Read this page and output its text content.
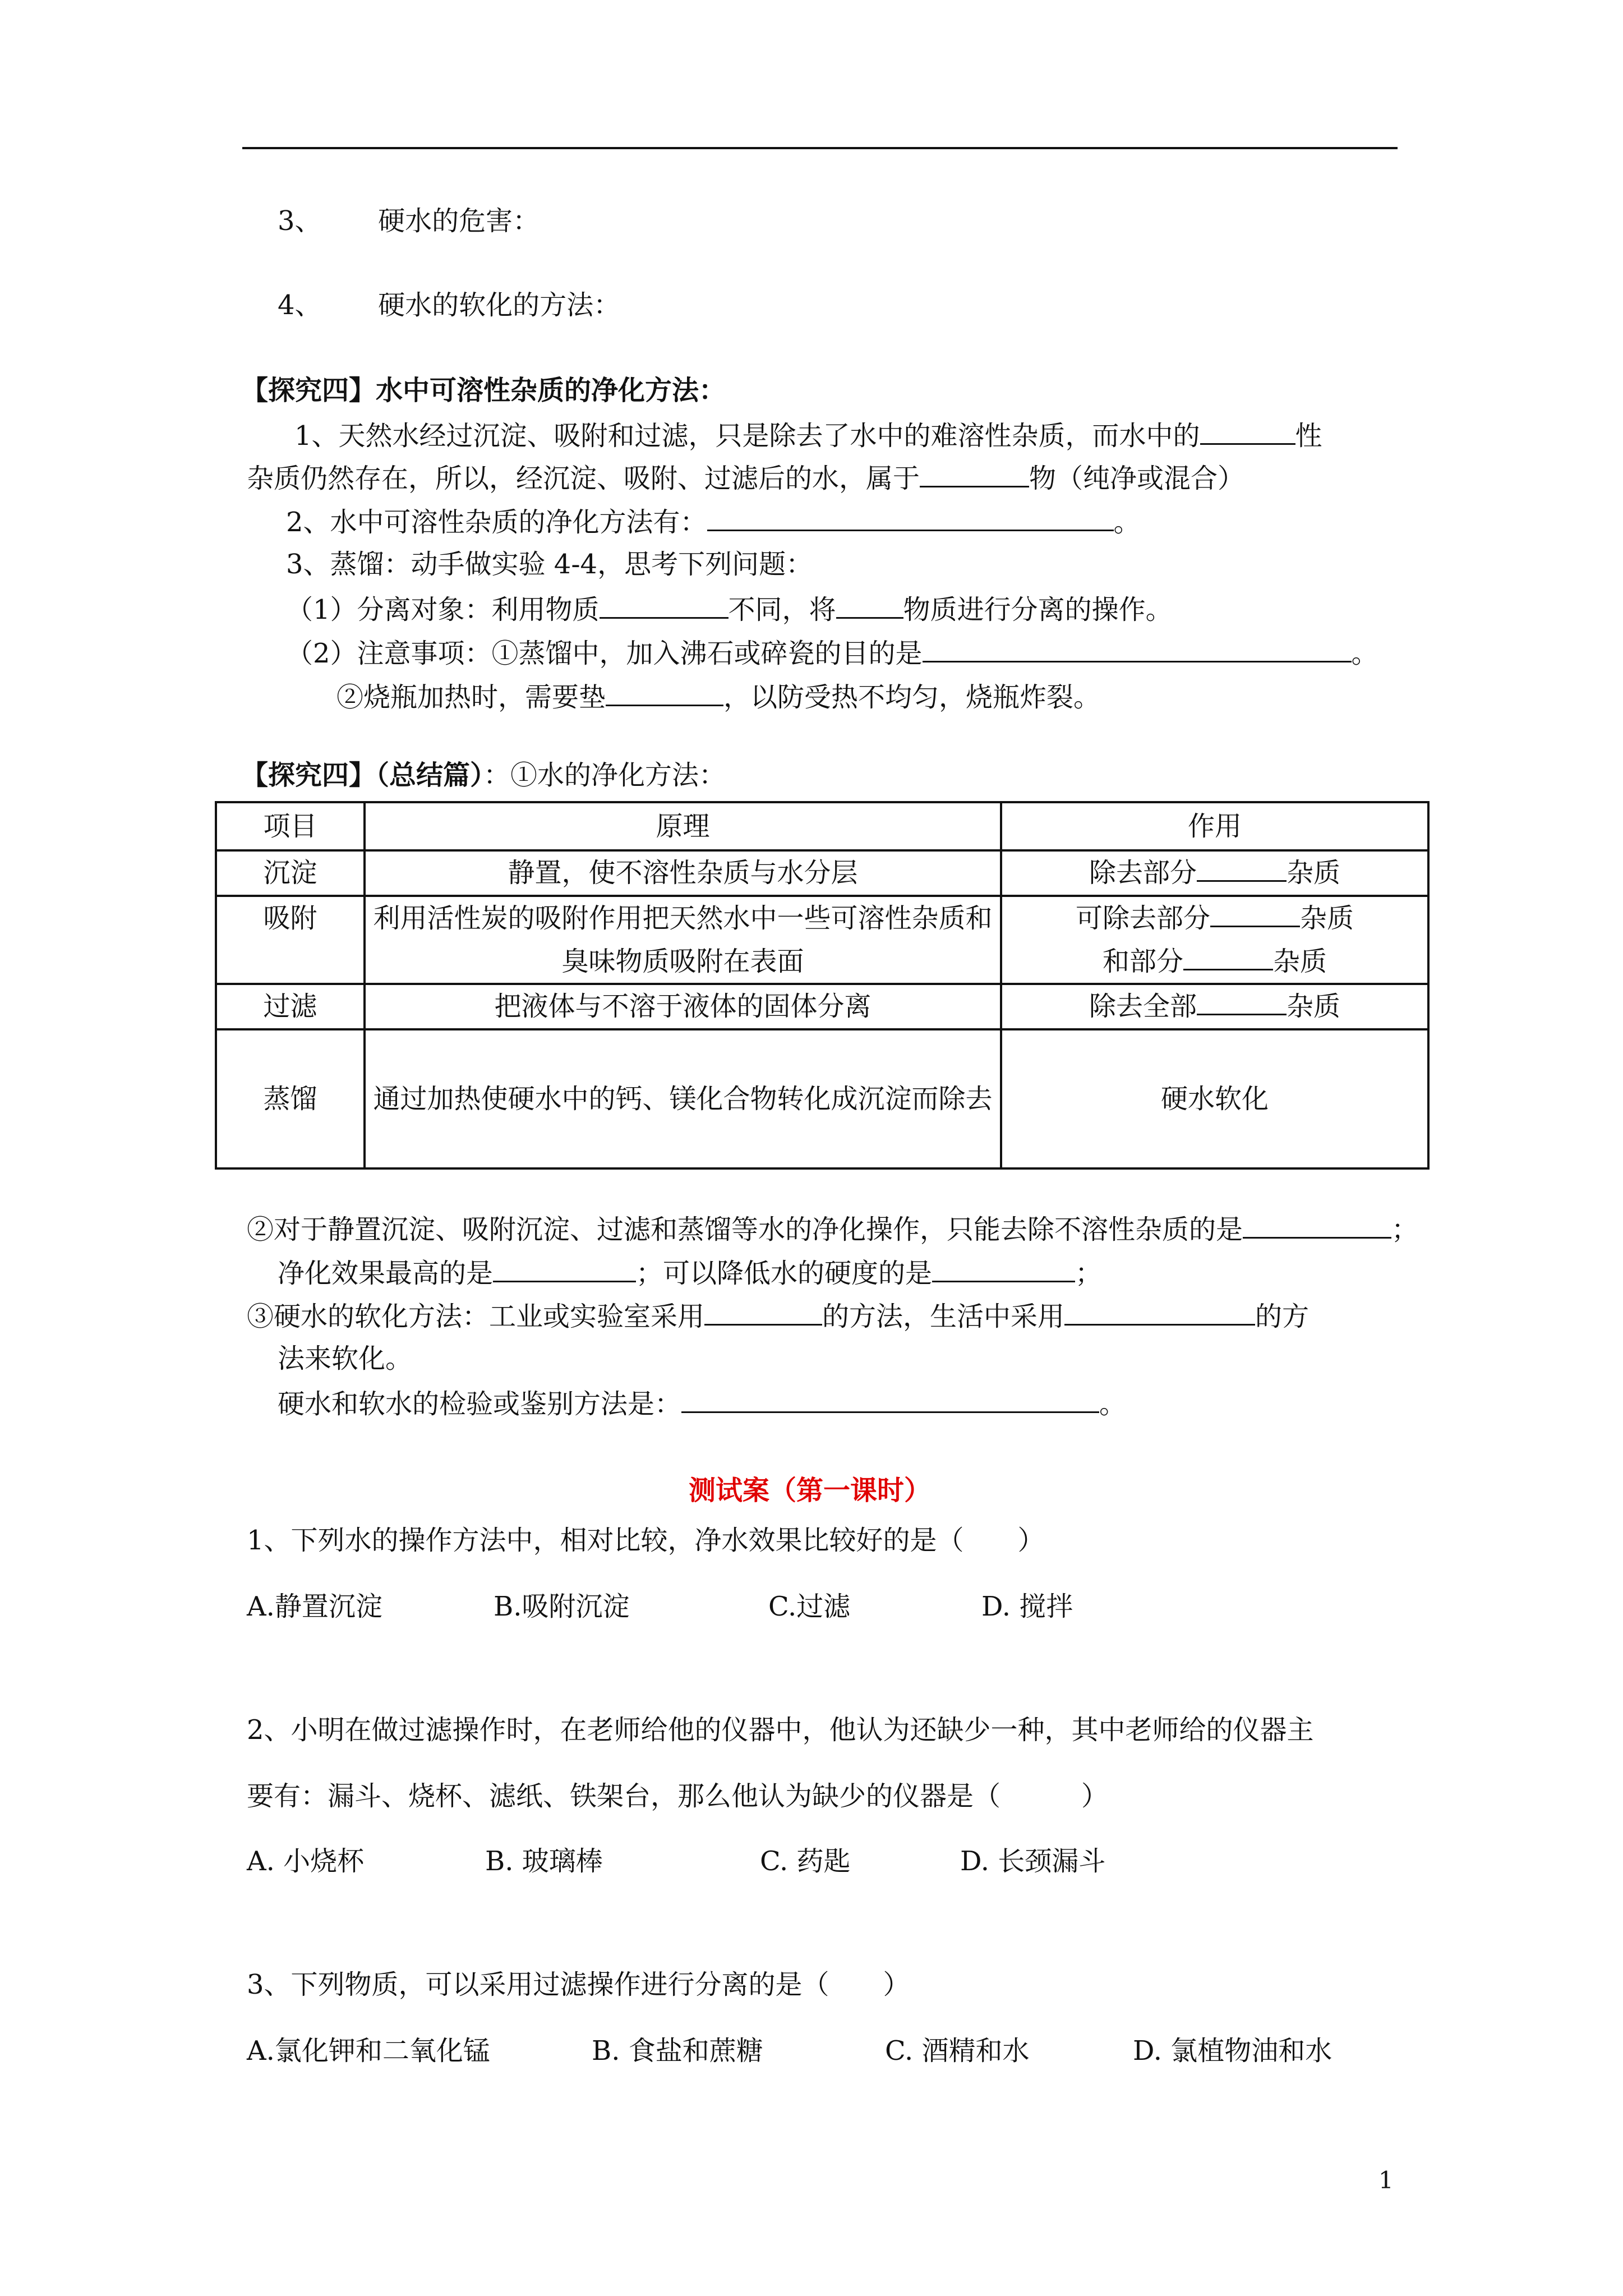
3、 硬水的危害：
4、 硬水的软化的方法：
【探究四】水中可溶性杂质的净化方法：
1、天然水经过沉淀、吸附和过滤，只是除去了水中的难溶性杂质，而水中的	性
杂质仍然存在，所以，经沉淀、吸附、过滤后的水，属于	物（纯净或混合）
2、水中可溶性杂质的净化方法有：	。
3、蒸馏：动手做实验 4-4，思考下列问题：
（1）分离对象：利用物质	不同，将	物质进行分离的操作。
（2）注意事项：①蒸馏中，加入沸石或碎瓷的目的是	。
②烧瓶加热时，需要垫	，以防受热不均匀，烧瓶炸裂。
【探究四】（总结篇）：①水的净化方法：
项目	原理	作用
沉淀	静置，使不溶性杂质与水分层	除去部分 杂质
吸附	利用活性炭的吸附作用把天然水中一些可溶性杂质和臭味物质吸附在表面	可除去部分 杂质
和部分 杂质
过滤	把液体与不溶于液体的固体分离	除去全部 杂质
蒸馏	通过加热使硬水中的钙、镁化合物转化成沉淀而除去	硬水软化
②对于静置沉淀、吸附沉淀、过滤和蒸馏等水的净化操作，只能去除不溶性杂质的是	；
净化效果最高的是	；可以降低水的硬度的是	；
③硬水的软化方法：工业或实验室采用	的方法，生活中采用	的方
法来软化。
硬水和软水的检验或鉴别方法是：	。
测试案（第一课时）
1、下列水的操作方法中，相对比较，净水效果比较好的是（　　）
A.静置沉淀	B.吸附沉淀	C.过滤	D. 搅拌
2、小明在做过滤操作时，在老师给他的仪器中，他认为还缺少一种，其中老师给的仪器主
要有：漏斗、烧杯、滤纸、铁架台，那么他认为缺少的仪器是（　　　）
A. 小烧杯	B. 玻璃棒	C. 药匙	D. 长颈漏斗
3、下列物质，可以采用过滤操作进行分离的是（　　）
A.氯化钾和二氧化锰	B. 食盐和蔗糖	C. 酒精和水	D. 氯植物油和水
1
